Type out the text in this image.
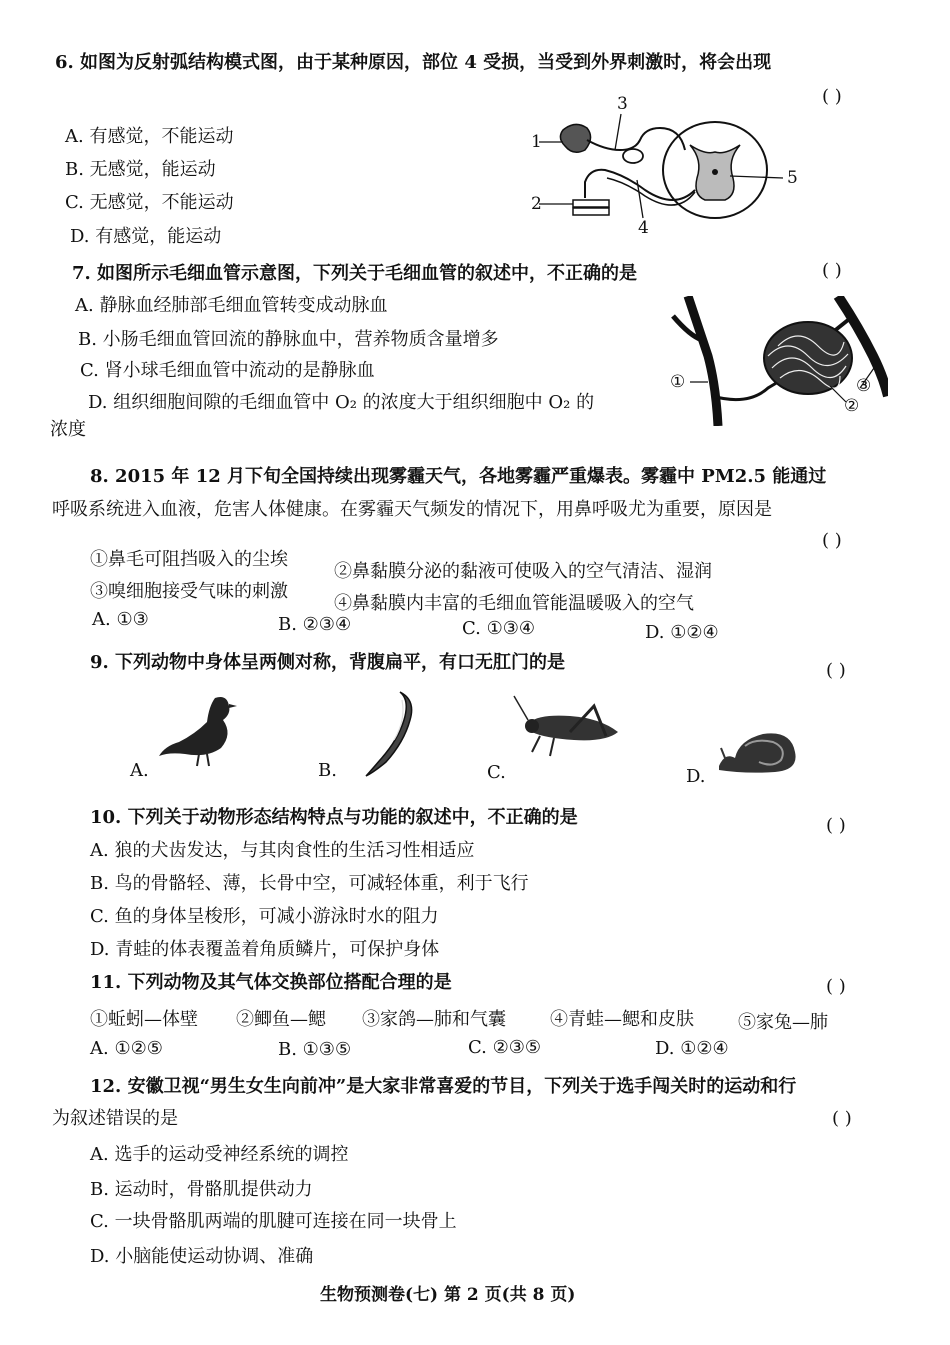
6. 如图为反射弧结构模式图，由于某种原因，部位 4 受损，当受到外界刺激时，将会出现
( )
A. 有感觉，不能运动
B. 无感觉，能运动
C. 无感觉，不能运动
D. 有感觉，能运动
1
2
3
4
5
7. 如图所示毛细血管示意图，下列关于毛细血管的叙述中，不正确的是	( )
A. 静脉血经肺部毛细血管转变成动脉血
B. 小肠毛细血管回流的静脉血中，营养物质含量增多
C. 肾小球毛细血管中流动的是静脉血
D. 组织细胞间隙的毛细血管中 O₂ 的浓度大于组织细胞中 O₂ 的
浓度
①
②
③
8. 2015 年 12 月下旬全国持续出现雾霾天气，各地雾霾严重爆表。雾霾中 PM2.5 能通过
呼吸系统进入血液，危害人体健康。在雾霾天气频发的情况下，用鼻呼吸尤为重要，原因是
( )
①鼻毛可阻挡吸入的尘埃
②鼻黏膜分泌的黏液可使吸入的空气清洁、湿润
③嗅细胞接受气味的刺激
④鼻黏膜内丰富的毛细血管能温暖吸入的空气
A. ①③	B. ②③④	C. ①③④	D. ①②④
9. 下列动物中身体呈两侧对称，背腹扁平，有口无肛门的是	( )
A.	B.	C.	D.
10. 下列关于动物形态结构特点与功能的叙述中，不正确的是	( )
A. 狼的犬齿发达，与其肉食性的生活习性相适应
B. 鸟的骨骼轻、薄，长骨中空，可减轻体重，利于飞行
C. 鱼的身体呈梭形，可减小游泳时水的阻力
D. 青蛙的体表覆盖着角质鳞片，可保护身体
11. 下列动物及其气体交换部位搭配合理的是	( )
①蚯蚓—体壁 ②鲫鱼—鳃 ③家鸽—肺和气囊 ④青蛙—鳃和皮肤 ⑤家兔—肺
A. ①②⑤	B. ①③⑤	C. ②③⑤	D. ①②④
12. 安徽卫视“男生女生向前冲”是大家非常喜爱的节目，下列关于选手闯关时的运动和行
为叙述错误的是	( )
A. 选手的运动受神经系统的调控
B. 运动时，骨骼肌提供动力
C. 一块骨骼肌两端的肌腱可连接在同一块骨上
D. 小脑能使运动协调、准确
生物预测卷(七) 第 2 页(共 8 页)
